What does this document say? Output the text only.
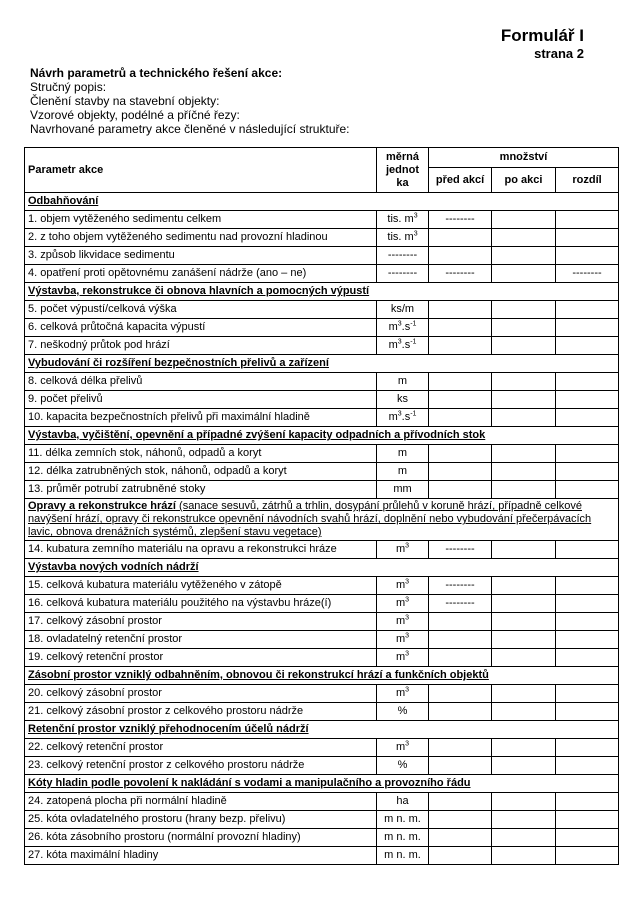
Formulář I
strana 2
Návrh parametrů a technického řešení akce:
Stručný popis:
Členění stavby na stavební objekty:
Vzorové objekty, podélné a příčné řezy:
Navrhované parametry akce členěné v následující struktuře:
Parametr akce	měrná jednot ka	množství		
		před akcí	po akci	rozdíl
Odbahňování				
1. objem vytěženého sedimentu celkem	tis. $m^3$	--------		
2. z toho objem vytěženého sedimentu nad provozní hladinou	tis. $m^3$			
3. způsob likvidace sedimentu	--------			
4. opatření proti opětovnému zanášení nádrže (ano – ne)	--------	--------		--------
Výstavba, rekonstrukce či obnova hlavních a pomocných výpustí				
5. počet výpustí/celková výška	ks/m			
6. celková průtočná kapacita výpustí	$m^3.s^{-1}$			
7. neškodný průtok pod hrází	$m^3.s^{-1}$			
Vybudování či rozšíření bezpečnostních přelivů a zařízení				
8. celková délka přelivů	m			
9. počet přelivů	ks			
10. kapacita bezpečnostních přelivů při maximální hladině	$m^3.s^{-1}$			
Výstavba, vyčištění, opevnění a případné zvýšení kapacity odpadních a přívodních stok				
11. délka zemních stok, náhonů, odpadů a koryt	m			
12. délka zatrubněných stok, náhonů, odpadů a koryt	m			
13. průměr potrubí zatrubněné stoky	mm			
Opravy a rekonstrukce hrází (sanace sesuvů, zátrhů a trhlin, dosypání průlehů v koruně hrází, případně celkové navýšení hrází, opravy či rekonstrukce opevnění návodních svahů hrází, doplnění nebo vybudování přečerpávacích lavic, obnova drenážních systémů, zlepšení stavu vegetace)				
14. kubatura zemního materiálu na opravu a rekonstrukci hráze	$m^3$	--------		
Výstavba nových vodních nádrží				
15. celková kubatura materiálu vytěženého v zátopě	$m^3$	--------		
16. celková kubatura materiálu použitého na výstavbu hráze(í)	$m^3$	--------		
17. celkový zásobní prostor	$m^3$			
18. ovladatelný retenční prostor	$m^3$			
19. celkový retenční prostor	$m^3$			
Zásobní prostor vzniklý odbahněním, obnovou či rekonstrukcí hrází a funkčních objektů				
20. celkový zásobní prostor	$m^3$			
21. celkový zásobní prostor z celkového prostoru nádrže	%			
Retenční prostor vzniklý přehodnocením účelů nádrží				
22. celkový retenční prostor	$m^3$			
23. celkový retenční prostor z celkového prostoru nádrže	%			
Kóty hladin podle povolení k nakládání s vodami a manipulačního a provozního řádu				
24. zatopená plocha při normální hladině	ha			
25. kóta ovladatelného prostoru (hrany bezp. přelivu)	m n. m.			
26. kóta zásobního prostoru (normální provozní hladiny)	m n. m.			
27. kóta maximální hladiny	m n. m.			
